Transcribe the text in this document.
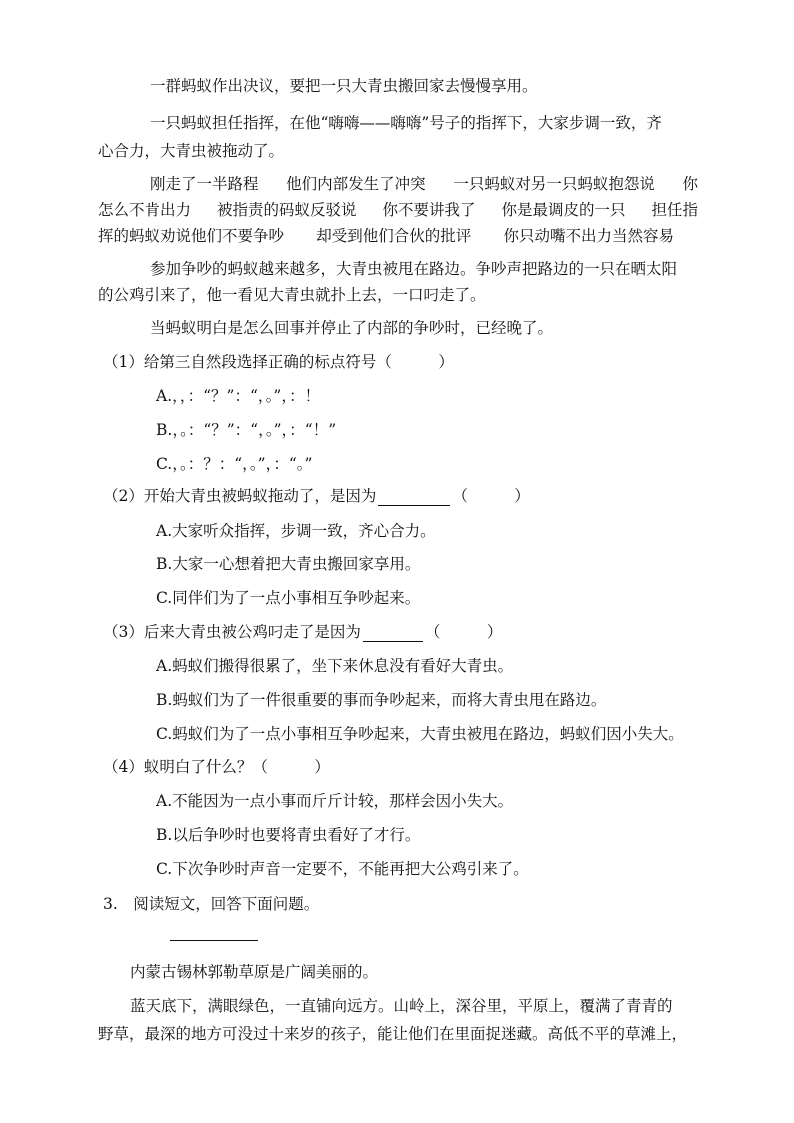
一群蚂蚁作出决议，要把一只大青虫搬回家去慢慢享用。
一只蚂蚁担任指挥，在他“嗨嗨——嗨嗨”号子的指挥下，大家步调一致，齐
心合力，大青虫被拖动了。
刚走了一半路程 他们内部发生了冲突 一只蚂蚁对另一只蚂蚁抱怨说 你
怎么不肯出力 被指责的码蚁反驳说 你不要讲我了 你是最调皮的一只 担任指
挥的蚂蚁劝说他们不要争吵 却受到他们合伙的批评 你只动嘴不出力当然容易
参加争吵的蚂蚁越来越多，大青虫被甩在路边。争吵声把路边的一只在晒太阳
的公鸡引来了，他一看见大青虫就扑上去，一口叼走了。
当蚂蚁明白是怎么回事并停止了内部的争吵时，已经晚了。
（1）给第三自然段选择正确的标点符号（　　　）
A.，，：“？”：“，。”，：！
B.，。：“？”：“，。”，：“！”
C.，。：？：“，。”，：“。”
（2）开始大青虫被蚂蚁拖动了，是因为	（　　　）
A.大家听众指挥，步调一致，齐心合力。
B.大家一心想着把大青虫搬回家享用。
C.同伴们为了一点小事相互争吵起来。
（3）后来大青虫被公鸡叼走了是因为	（　　　）
A.蚂蚁们搬得很累了，坐下来休息没有看好大青虫。
B.蚂蚁们为了一件很重要的事而争吵起来，而将大青虫甩在路边。
C.蚂蚁们为了一点小事相互争吵起来，大青虫被甩在路边，蚂蚁们因小失大。
（4）蚁明白了什么？（　　　）
A.不能因为一点小事而斤斤计较，那样会因小失大。
B.以后争吵时也要将青虫看好了才行。
C.下次争吵时声音一定要不，不能再把大公鸡引来了。
3.　阅读短文，回答下面问题。
内蒙古锡林郭勒草原是广阔美丽的。
蓝天底下，满眼绿色，一直铺向远方。山岭上，深谷里，平原上，覆满了青青的
野草，最深的地方可没过十来岁的孩子，能让他们在里面捉迷藏。高低不平的草滩上，
